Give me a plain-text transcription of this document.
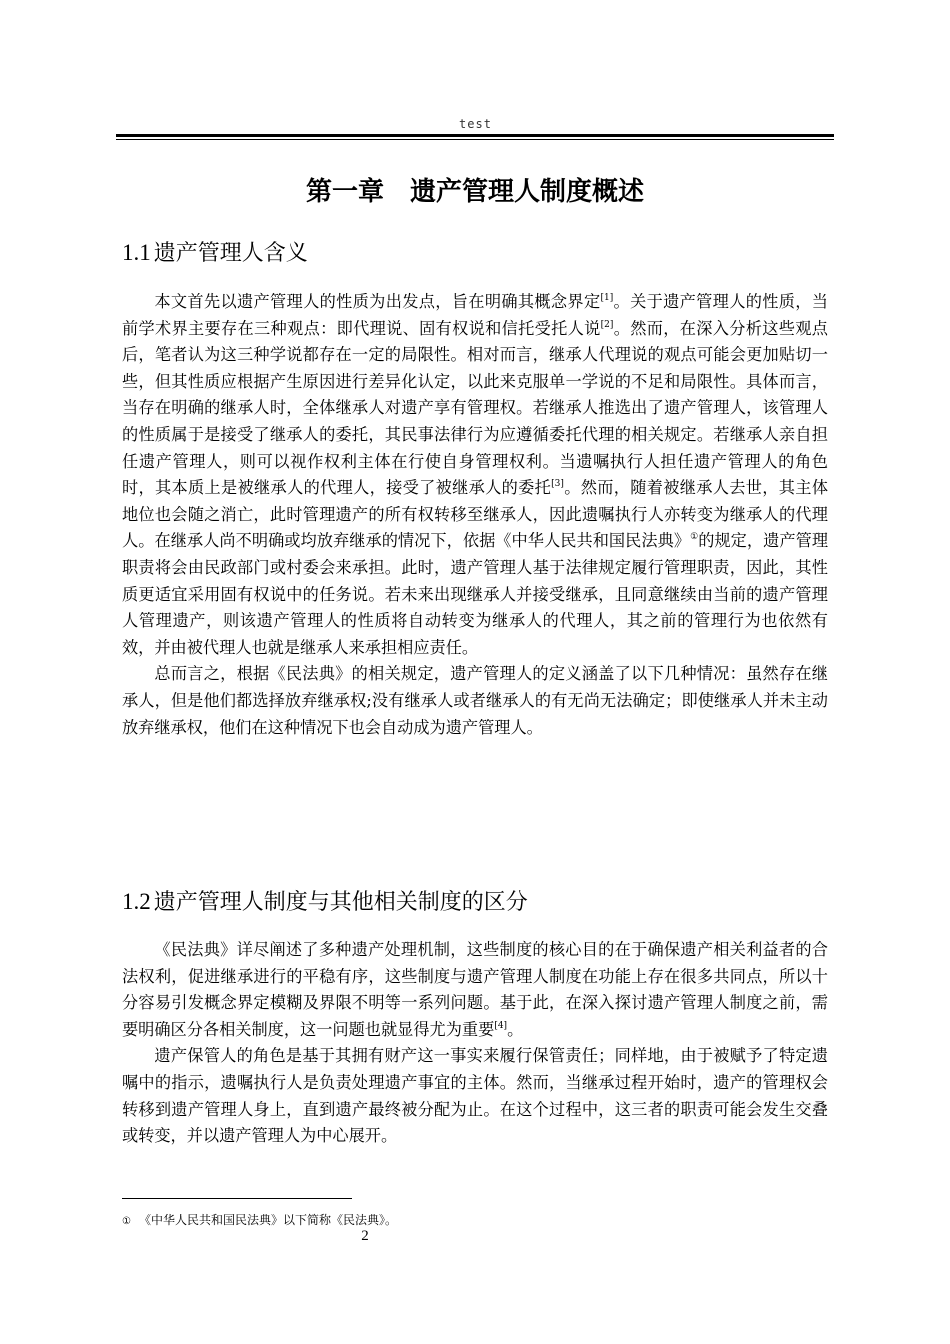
test
第一章　遗产管理人制度概述
1.1 遗产管理人含义

本文首先以遗产管理人的性质为出发点，旨在明确其概念界定[1]。关于遗产管理人的性质，当前学术界主要存在三种观点：即代理说、固有权说和信托受托人说[2]。然而，在深入分析这些观点后，笔者认为这三种学说都存在一定的局限性。相对而言，继承人代理说的观点可能会更加贴切一些，但其性质应根据产生原因进行差异化认定，以此来克服单一学说的不足和局限性。具体而言，当存在明确的继承人时，全体继承人对遗产享有管理权。若继承人推选出了遗产管理人，该管理人的性质属于是接受了继承人的委托，其民事法律行为应遵循委托代理的相关规定。若继承人亲自担任遗产管理人，则可以视作权利主体在行使自身管理权利。当遗嘱执行人担任遗产管理人的角色时，其本质上是被继承人的代理人，接受了被继承人的委托[3]。然而，随着被继承人去世，其主体地位也会随之消亡，此时管理遗产的所有权转移至继承人，因此遗嘱执行人亦转变为继承人的代理人。在继承人尚不明确或均放弃继承的情况下，依据《中华人民共和国民法典》①的规定，遗产管理职责将会由民政部门或村委会来承担。此时，遗产管理人基于法律规定履行管理职责，因此，其性质更适宜采用固有权说中的任务说。若未来出现继承人并接受继承，且同意继续由当前的遗产管理人管理遗产，则该遗产管理人的性质将自动转变为继承人的代理人，其之前的管理行为也依然有效，并由被代理人也就是继承人来承担相应责任。

总而言之，根据《民法典》的相关规定，遗产管理人的定义涵盖了以下几种情况：虽然存在继承人，但是他们都选择放弃继承权;没有继承人或者继承人的有无尚无法确定；即使继承人并未主动放弃继承权，他们在这种情况下也会自动成为遗产管理人。

1.2 遗产管理人制度与其他相关制度的区分

《民法典》详尽阐述了多种遗产处理机制，这些制度的核心目的在于确保遗产相关利益者的合法权利，促进继承进行的平稳有序，这些制度与遗产管理人制度在功能上存在很多共同点，所以十分容易引发概念界定模糊及界限不明等一系列问题。基于此，在深入探讨遗产管理人制度之前，需要明确区分各相关制度，这一问题也就显得尤为重要[4]。

遗产保管人的角色是基于其拥有财产这一事实来履行保管责任；同样地，由于被赋予了特定遗嘱中的指示，遗嘱执行人是负责处理遗产事宜的主体。然而，当继承过程开始时，遗产的管理权会转移到遗产管理人身上，直到遗产最终被分配为止。在这个过程中，这三者的职责可能会发生交叠或转变，并以遗产管理人为中心展开。

① 《中华人民共和国民法典》以下简称《民法典》。
2
